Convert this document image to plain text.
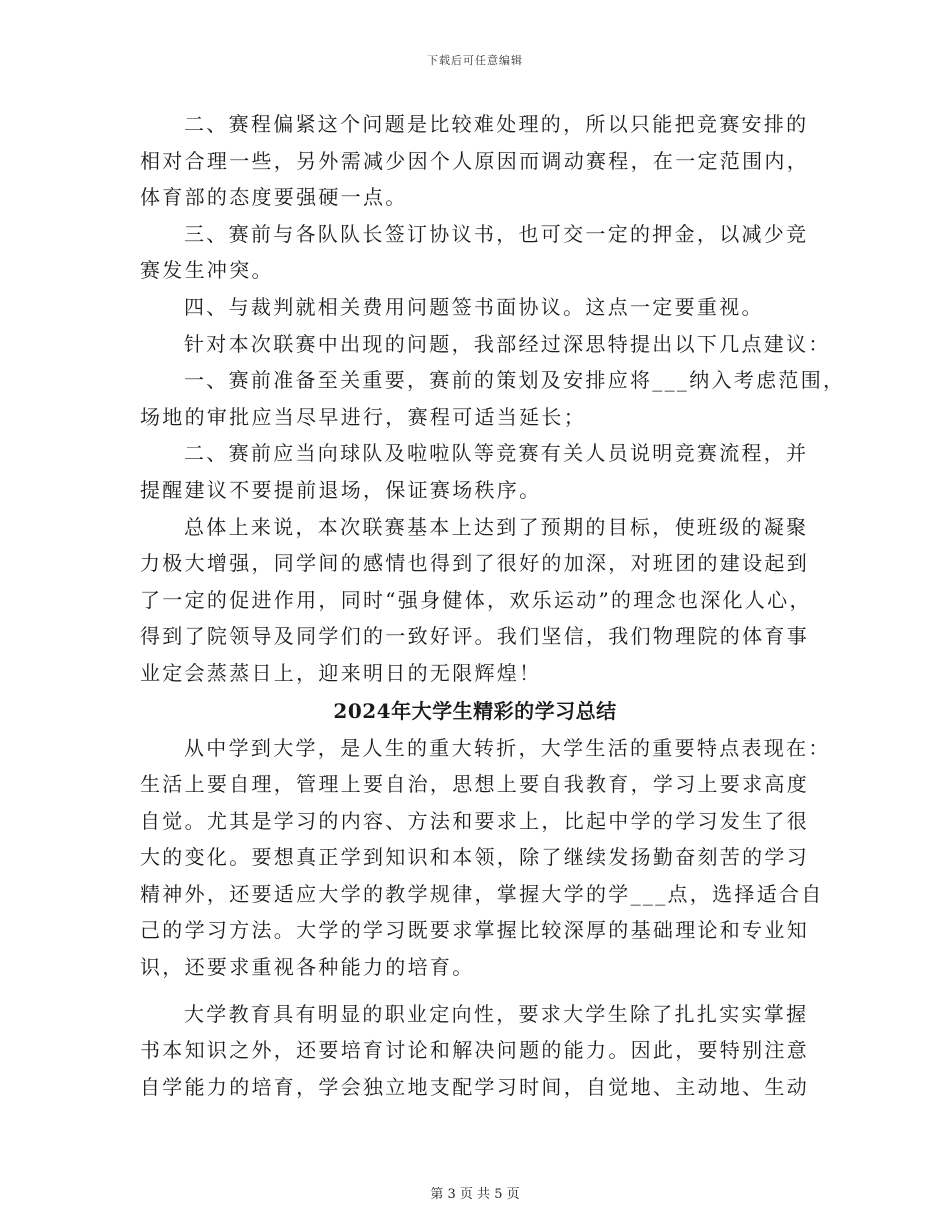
下载后可任意编辑
二、赛程偏紧这个问题是比较难处理的，所以只能把竞赛安排的
相对合理一些，另外需减少因个人原因而调动赛程，在一定范围内，
体育部的态度要强硬一点。
三、赛前与各队队长签订协议书，也可交一定的押金，以减少竞
赛发生冲突。
四、与裁判就相关费用问题签书面协议。这点一定要重视。
针对本次联赛中出现的问题，我部经过深思特提出以下几点建议：
一、赛前准备至关重要，赛前的策划及安排应将___纳入考虑范围，
场地的审批应当尽早进行，赛程可适当延长；
二、赛前应当向球队及啦啦队等竞赛有关人员说明竞赛流程，并
提醒建议不要提前退场，保证赛场秩序。
总体上来说，本次联赛基本上达到了预期的目标，使班级的凝聚
力极大增强，同学间的感情也得到了很好的加深，对班团的建设起到
了一定的促进作用，同时“强身健体，欢乐运动”的理念也深化人心，
得到了院领导及同学们的一致好评。我们坚信，我们物理院的体育事
业定会蒸蒸日上，迎来明日的无限辉煌！
2024年大学生精彩的学习总结
从中学到大学，是人生的重大转折，大学生活的重要特点表现在：
生活上要自理，管理上要自治，思想上要自我教育，学习上要求高度
自觉。尤其是学习的内容、方法和要求上，比起中学的学习发生了很
大的变化。要想真正学到知识和本领，除了继续发扬勤奋刻苦的学习
精神外，还要适应大学的教学规律，掌握大学的学___点，选择适合自
己的学习方法。大学的学习既要求掌握比较深厚的基础理论和专业知
识，还要求重视各种能力的培育。
大学教育具有明显的职业定向性，要求大学生除了扎扎实实掌握
书本知识之外，还要培育讨论和解决问题的能力。因此，要特别注意
自学能力的培育，学会独立地支配学习时间，自觉地、主动地、生动
第 3 页 共 5 页
